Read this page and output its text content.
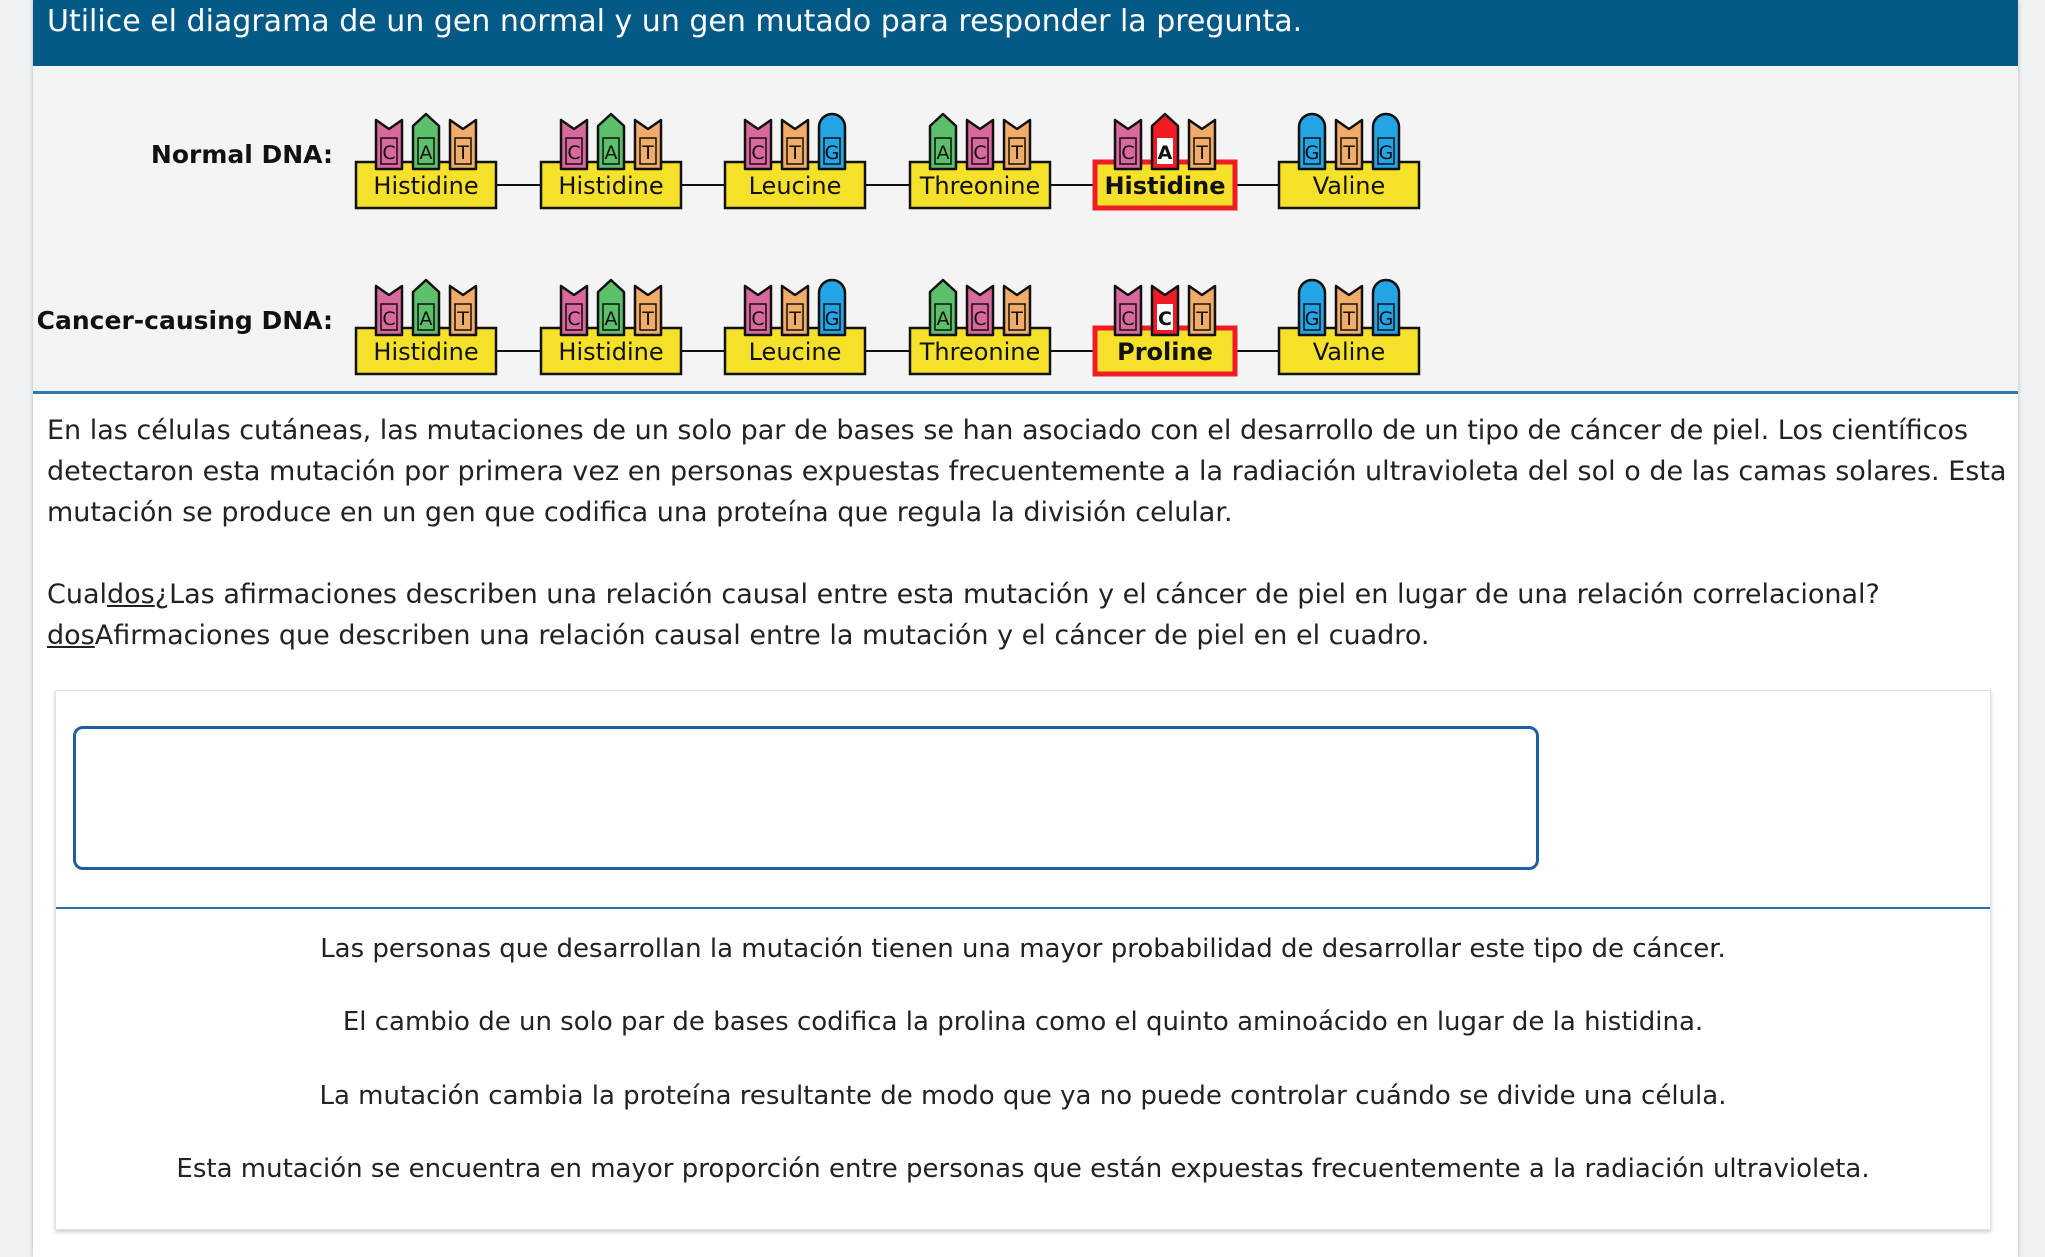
Utilice el diagrama de un gen normal y un gen mutado para responder la pregunta.
Normal DNA:
Histidine
C A T
Histidine
C A T
Leucine
C T G
Threonine
A C T
Histidine
C A T
Valine
G T G
Cancer-causing DNA:
Histidine
C A T
Histidine
C A T
Leucine
C T G
Threonine
A C T
Proline
C C T
Valine
G T G

En las células cutáneas, las mutaciones de un solo par de bases se han asociado con el desarrollo de un tipo de cáncer de piel. Los científicos detectaron esta mutación por primera vez en personas expuestas frecuentemente a la radiación ultravioleta del sol o de las camas solares. Esta mutación se produce en un gen que codifica una proteína que regula la división celular.

Cualdos¿Las afirmaciones describen una relación causal entre esta mutación y el cáncer de piel en lugar de una relación correlacional?
dosAfirmaciones que describen una relación causal entre la mutación y el cáncer de piel en el cuadro.

Las personas que desarrollan la mutación tienen una mayor probabilidad de desarrollar este tipo de cáncer.
El cambio de un solo par de bases codifica la prolina como el quinto aminoácido en lugar de la histidina.
La mutación cambia la proteína resultante de modo que ya no puede controlar cuándo se divide una célula.
Esta mutación se encuentra en mayor proporción entre personas que están expuestas frecuentemente a la radiación ultravioleta.
